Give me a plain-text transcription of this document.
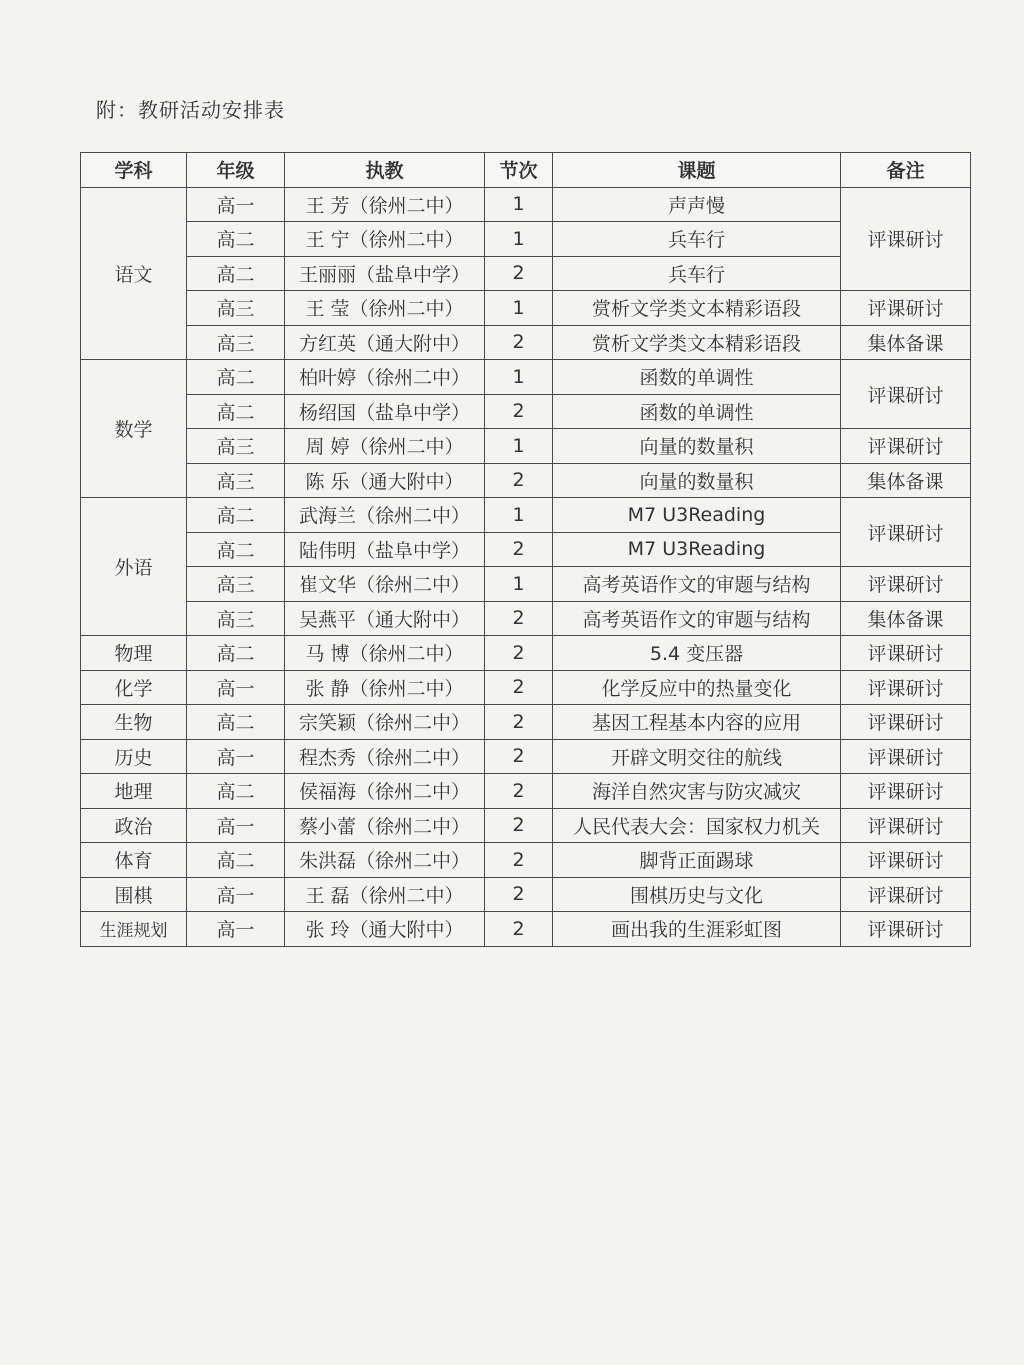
附：教研活动安排表
学科	年级	执教	节次	课题	备注
语文	高一	王 芳（徐州二中）	1	声声慢	评课研讨
	高二	王 宁（徐州二中）	1	兵车行	
	高二	王丽丽（盐阜中学）	2	兵车行	
	高三	王 莹（徐州二中）	1	赏析文学类文本精彩语段	评课研讨
	高三	方红英（通大附中）	2	赏析文学类文本精彩语段	集体备课
数学	高二	柏叶婷（徐州二中）	1	函数的单调性	评课研讨
	高二	杨绍国（盐阜中学）	2	函数的单调性	
	高三	周 婷（徐州二中）	1	向量的数量积	评课研讨
	高三	陈 乐（通大附中）	2	向量的数量积	集体备课
外语	高二	武海兰（徐州二中）	1	M7 U3Reading	评课研讨
	高二	陆伟明（盐阜中学）	2	M7 U3Reading	
	高三	崔文华（徐州二中）	1	高考英语作文的审题与结构	评课研讨
	高三	吴燕平（通大附中）	2	高考英语作文的审题与结构	集体备课
物理	高二	马 博（徐州二中）	2	5.4 变压器	评课研讨
化学	高一	张 静（徐州二中）	2	化学反应中的热量变化	评课研讨
生物	高二	宗笑颖（徐州二中）	2	基因工程基本内容的应用	评课研讨
历史	高一	程杰秀（徐州二中）	2	开辟文明交往的航线	评课研讨
地理	高二	侯福海（徐州二中）	2	海洋自然灾害与防灾减灾	评课研讨
政治	高一	蔡小蕾（徐州二中）	2	人民代表大会：国家权力机关	评课研讨
体育	高二	朱洪磊（徐州二中）	2	脚背正面踢球	评课研讨
围棋	高一	王 磊（徐州二中）	2	围棋历史与文化	评课研讨
生涯规划	高一	张 玲（通大附中）	2	画出我的生涯彩虹图	评课研讨
